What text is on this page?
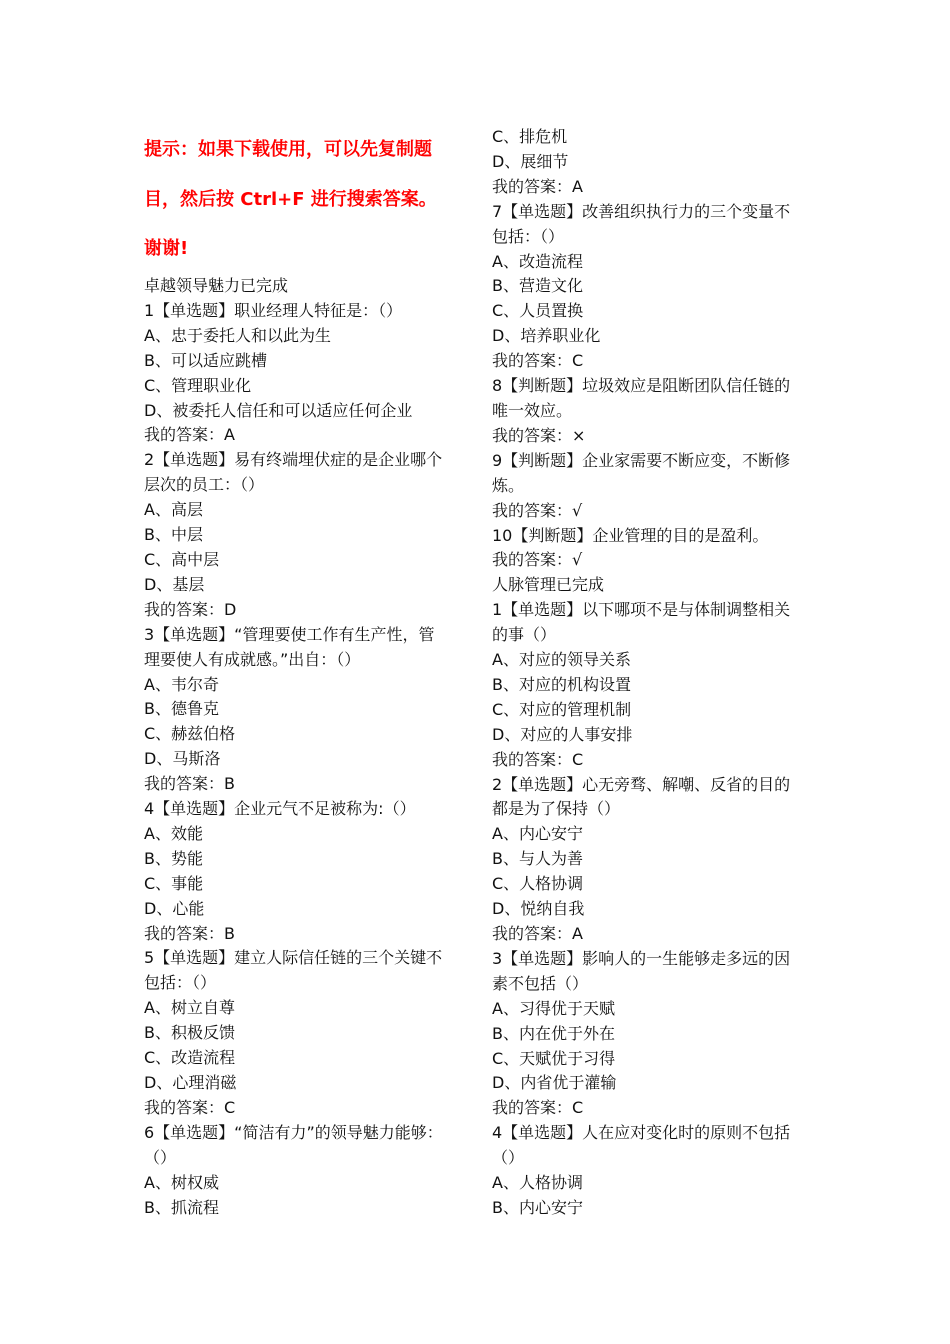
提示：如果下载使用，可以先复制题
目，然后按 Ctrl+F 进行搜索答案。
谢谢!
卓越领导魅力已完成
1【单选题】职业经理人特征是：（）
A、忠于委托人和以此为生
B、可以适应跳槽
C、管理职业化
D、被委托人信任和可以适应任何企业
我的答案：A
2【单选题】易有终端埋伏症的是企业哪个
层次的员工：（）
A、高层
B、中层
C、高中层
D、基层
我的答案：D
3【单选题】“管理要使工作有生产性，管
理要使人有成就感。”出自：（）
A、韦尔奇
B、德鲁克
C、赫兹伯格
D、马斯洛
我的答案：B
4【单选题】企业元气不足被称为:（）
A、效能
B、势能
C、事能
D、心能
我的答案：B
5【单选题】建立人际信任链的三个关键不
包括：（）
A、树立自尊
B、积极反馈
C、改造流程
D、心理消磁
我的答案：C
6【单选题】“简洁有力”的领导魅力能够：
（）
A、树权威
B、抓流程
C、排危机
D、展细节
我的答案：A
7【单选题】改善组织执行力的三个变量不
包括：（）
A、改造流程
B、营造文化
C、人员置换
D、培养职业化
我的答案：C
8【判断题】垃圾效应是阻断团队信任链的
唯一效应。
我的答案：×
9【判断题】企业家需要不断应变，不断修
炼。
我的答案：√
10【判断题】企业管理的目的是盈利。
我的答案：√
人脉管理已完成
1【单选题】以下哪项不是与体制调整相关
的事（）
A、对应的领导关系
B、对应的机构设置
C、对应的管理机制
D、对应的人事安排
我的答案：C
2【单选题】心无旁骛、解嘲、反省的目的
都是为了保持（）
A、内心安宁
B、与人为善
C、人格协调
D、悦纳自我
我的答案：A
3【单选题】影响人的一生能够走多远的因
素不包括（）
A、习得优于天赋
B、内在优于外在
C、天赋优于习得
D、内省优于灌输
我的答案：C
4【单选题】人在应对变化时的原则不包括
（）
A、人格协调
B、内心安宁
